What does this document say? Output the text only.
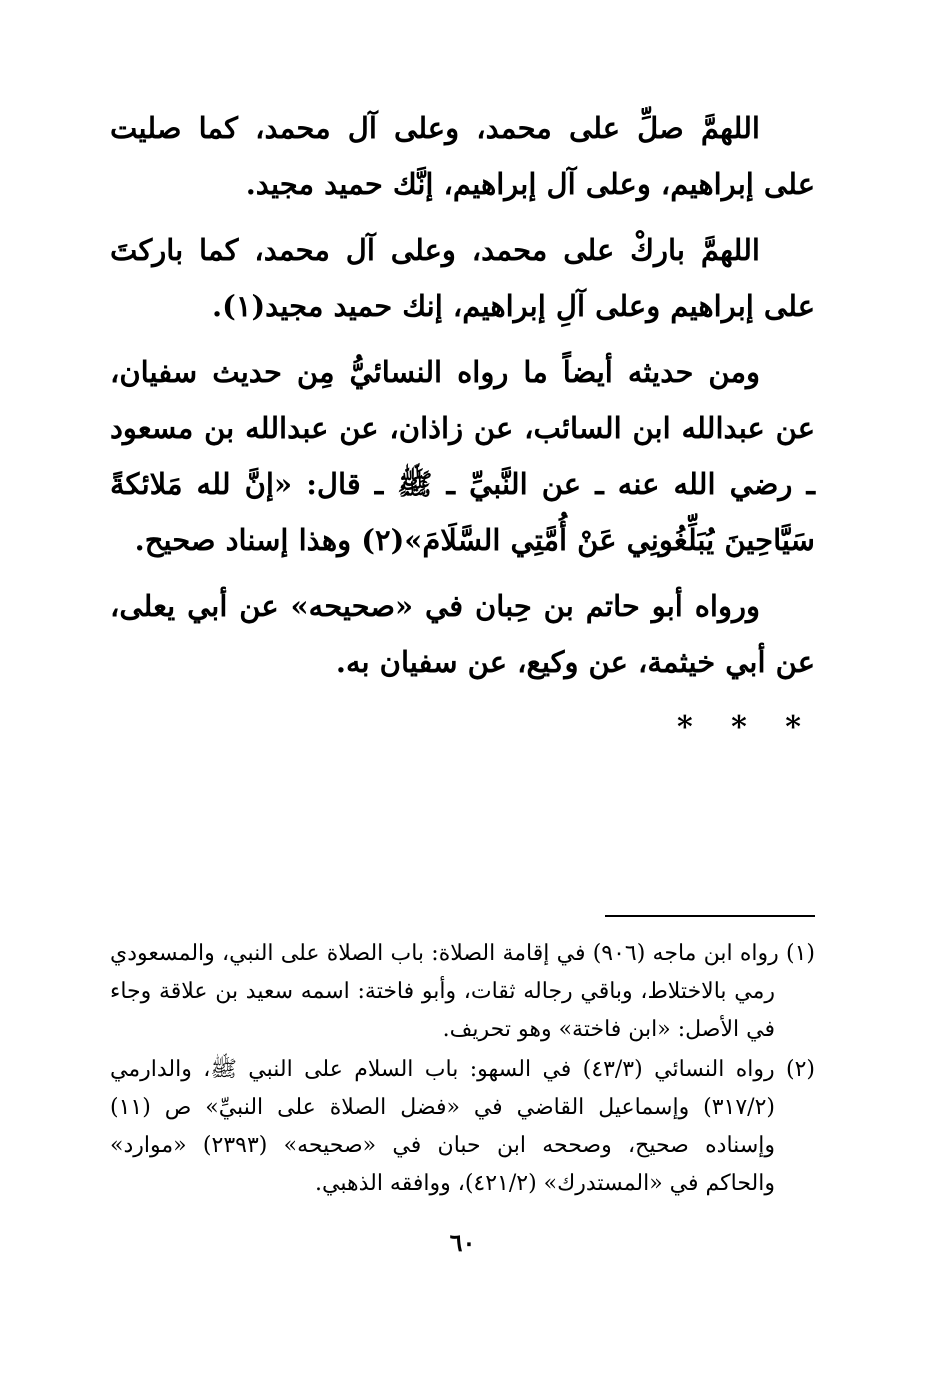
اللهمَّ صلِّ على محمد، وعلى آل محمد، كما صليت على إبراهيم، وعلى آل إبراهيم، إنَّك حميد مجيد.

اللهمَّ باركْ على محمد، وعلى آل محمد، كما باركتَ على إبراهيم وعلى آلِ إبراهيم، إنك حميد مجيد(١).

ومن حديثه أيضاً ما رواه النسائيُّ مِن حديث سفيان، عن عبدالله ابن السائب، عن زاذان، عن عبدالله بن مسعود ـ رضي الله عنه ـ عن النَّبيِّ ـ ﷺ ـ قال: «إنَّ لله مَلائكةً سَيَّاحِينَ يُبَلِّغُونِي عَنْ أُمَّتِي السَّلَامَ»(٢) وهذا إسناد صحيح.

ورواه أبو حاتم بن حِبان في «صحيحه» عن أبي يعلى، عن أبي خيثمة، عن وكيع، عن سفيان به.

* * *

(١) رواه ابن ماجه (٩٠٦) في إقامة الصلاة: باب الصلاة على النبي، والمسعودي رمي بالاختلاط، وباقي رجاله ثقات، وأبو فاختة: اسمه سعيد بن علاقة وجاء في الأصل: «ابن فاختة» وهو تحريف.

(٢) رواه النسائي (٤٣/٣) في السهو: باب السلام على النبي ﷺ، والدارمي (٣١٧/٢) وإسماعيل القاضي في «فضل الصلاة على النبيِّ» ص (١١) وإسناده صحيح، وصححه ابن حبان في «صحيحه» (٢٣٩٣) «موارد» والحاكم في «المستدرك» (٤٢١/٢)، ووافقه الذهبي.

٦٠
